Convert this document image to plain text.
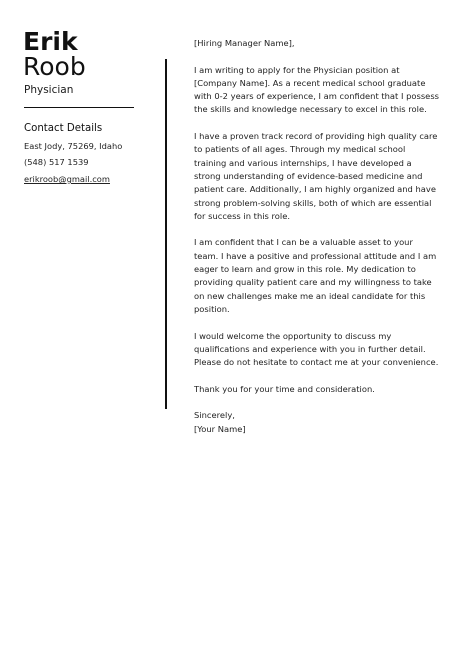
Erik
Roob
Physician
Contact Details
East Jody, 75269, Idaho
(548) 517 1539
erikroob@gmail.com

[Hiring Manager Name],

I am writing to apply for the Physician position at [Company Name]. As a recent medical school graduate with 0-2 years of experience, I am confident that I possess the skills and knowledge necessary to excel in this role.

I have a proven track record of providing high quality care to patients of all ages. Through my medical school training and various internships, I have developed a strong understanding of evidence-based medicine and patient care. Additionally, I am highly organized and have strong problem-solving skills, both of which are essential for success in this role.

I am confident that I can be a valuable asset to your team. I have a positive and professional attitude and I am eager to learn and grow in this role. My dedication to providing quality patient care and my willingness to take on new challenges make me an ideal candidate for this position.

I would welcome the opportunity to discuss my qualifications and experience with you in further detail. Please do not hesitate to contact me at your convenience.

Thank you for your time and consideration.

Sincerely,

[Your Name]
